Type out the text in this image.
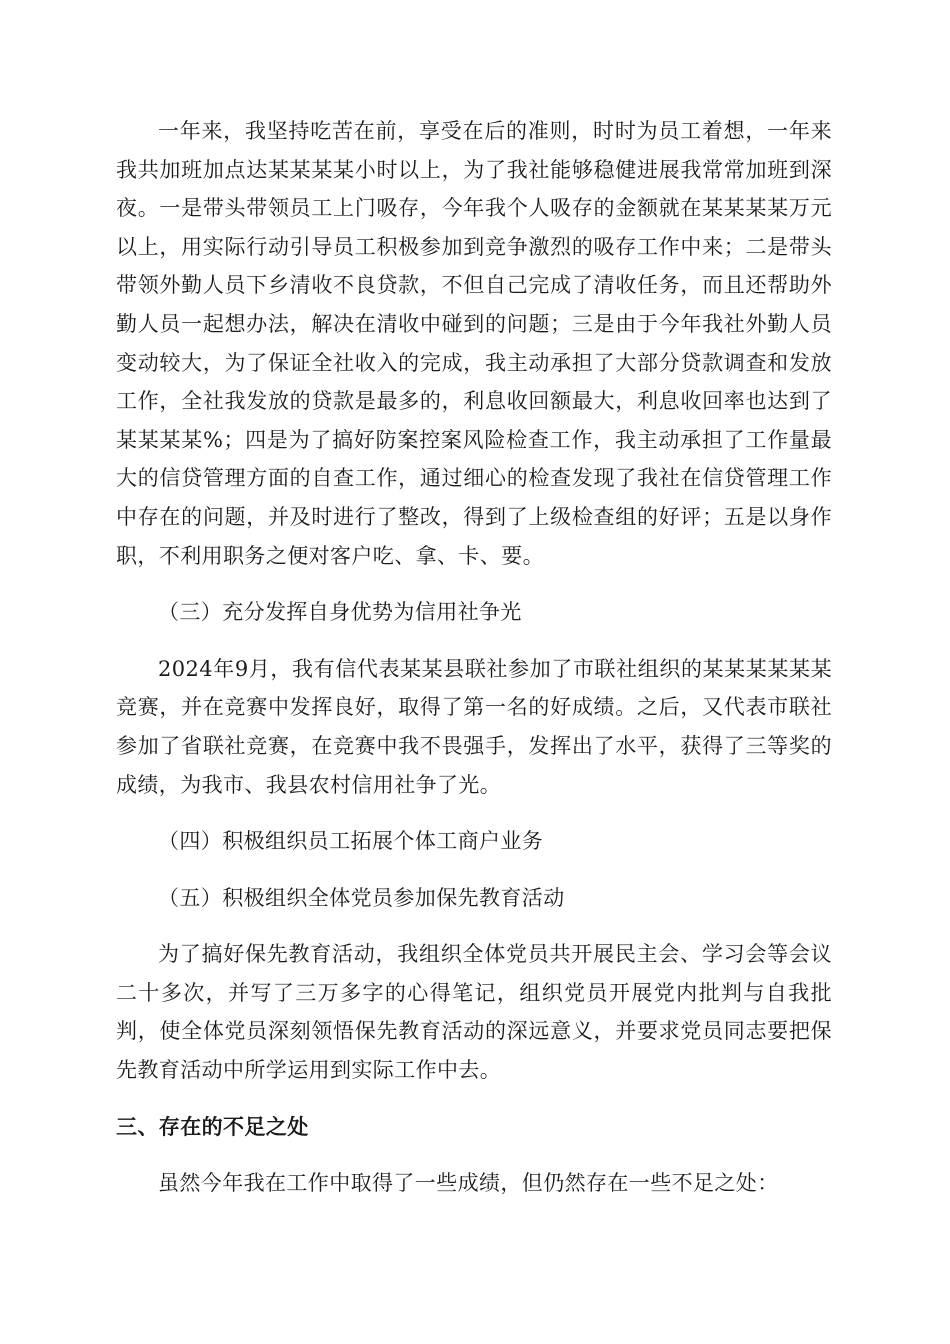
一年来，我坚持吃苦在前，享受在后的准则，时时为员工着想，一年来我共加班加点达某某某某小时以上，为了我社能够稳健进展我常常加班到深夜。一是带头带领员工上门吸存，今年我个人吸存的金额就在某某某某万元以上，用实际行动引导员工积极参加到竞争激烈的吸存工作中来；二是带头带领外勤人员下乡清收不良贷款，不但自己完成了清收任务，而且还帮助外勤人员一起想办法，解决在清收中碰到的问题；三是由于今年我社外勤人员变动较大，为了保证全社收入的完成，我主动承担了大部分贷款调查和发放工作，全社我发放的贷款是最多的，利息收回额最大，利息收回率也达到了某某某某%；四是为了搞好防案控案风险检查工作，我主动承担了工作量最大的信贷管理方面的自查工作，通过细心的检查发现了我社在信贷管理工作中存在的问题，并及时进行了整改，得到了上级检查组的好评；五是以身作职，不利用职务之便对客户吃、拿、卡、要。

（三）充分发挥自身优势为信用社争光

2024年9月，我有信代表某某县联社参加了市联社组织的某某某某某某竞赛，并在竞赛中发挥良好，取得了第一名的好成绩。之后，又代表市联社参加了省联社竞赛，在竞赛中我不畏强手，发挥出了水平，获得了三等奖的成绩，为我市、我县农村信用社争了光。

（四）积极组织员工拓展个体工商户业务

（五）积极组织全体党员参加保先教育活动

为了搞好保先教育活动，我组织全体党员共开展民主会、学习会等会议二十多次，并写了三万多字的心得笔记，组织党员开展党内批判与自我批判，使全体党员深刻领悟保先教育活动的深远意义，并要求党员同志要把保先教育活动中所学运用到实际工作中去。

三、存在的不足之处

虽然今年我在工作中取得了一些成绩，但仍然存在一些不足之处：
